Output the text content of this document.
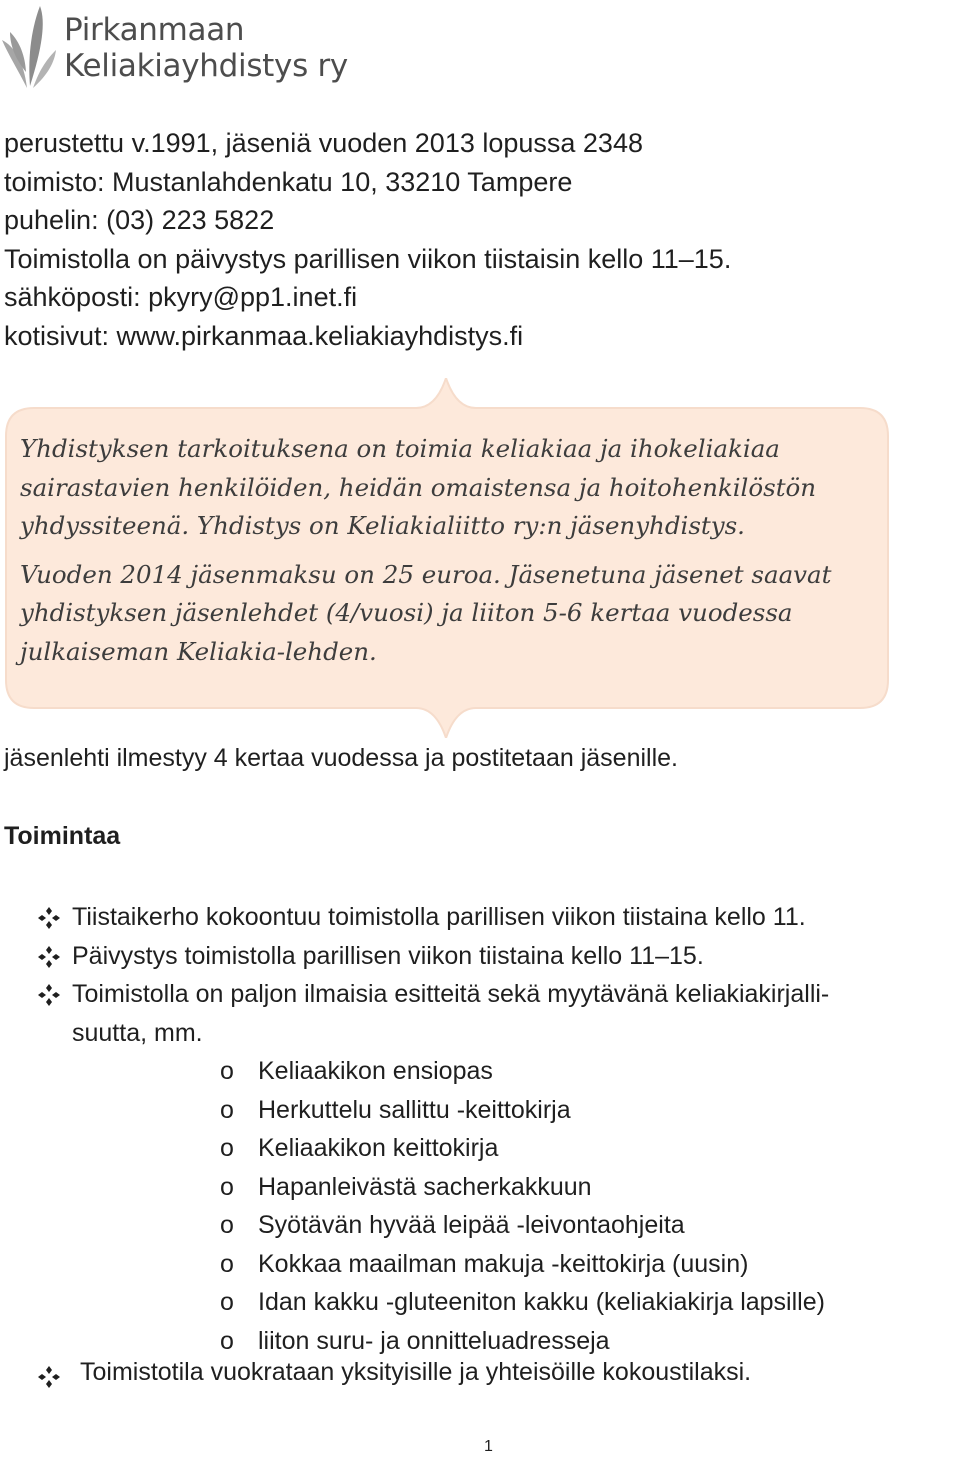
Pirkanmaan
Keliakiayhdistys ry
perustettu v.1991, jäseniä vuoden 2013 lopussa 2348
toimisto: Mustanlahdenkatu 10, 33210 Tampere
puhelin: (03) 223 5822
Toimistolla on päivystys parillisen viikon tiistaisin kello 11–15.
sähköposti: pkyry@pp1.inet.fi
kotisivut: www.pirkanmaa.keliakiayhdistys.fi

Yhdistyksen tarkoituksena on toimia keliakiaa ja ihokeliakiaa sairastavien henkilöiden, heidän omaistensa ja hoitohenkilöstön yhdyssiteenä. Yhdistys on Keliakialiitto ry:n jäsenyhdistys.

Vuoden 2014 jäsenmaksu on 25 euroa. Jäsenetuna jäsenet saavat yhdistyksen jäsenlehdet (4/vuosi) ja liiton 5-6 kertaa vuodessa julkaiseman Keliakia-lehden.

jäsenlehti ilmestyy 4 kertaa vuodessa ja postitetaan jäsenille.
Toimintaa
Tiistaikerho kokoontuu toimistolla parillisen viikon tiistaina kello 11.
Päivystys toimistolla parillisen viikon tiistaina kello 11–15.
Toimistolla on paljon ilmaisia esitteitä sekä myytävänä keliakiakirjalli-
suutta, mm.
o Keliaakikon ensiopas
o Herkuttelu sallittu -keittokirja
o Keliaakikon keittokirja
o Hapanleivästä sacherkakkuun
o Syötävän hyvää leipää -leivontaohjeita
o Kokkaa maailman makuja -keittokirja (uusin)
o Idan kakku -gluteeniton kakku (keliakiakirja lapsille)
o liiton suru- ja onnitteluadresseja
Toimistotila vuokrataan yksityisille ja yhteisöille kokoustilaksi.
1
